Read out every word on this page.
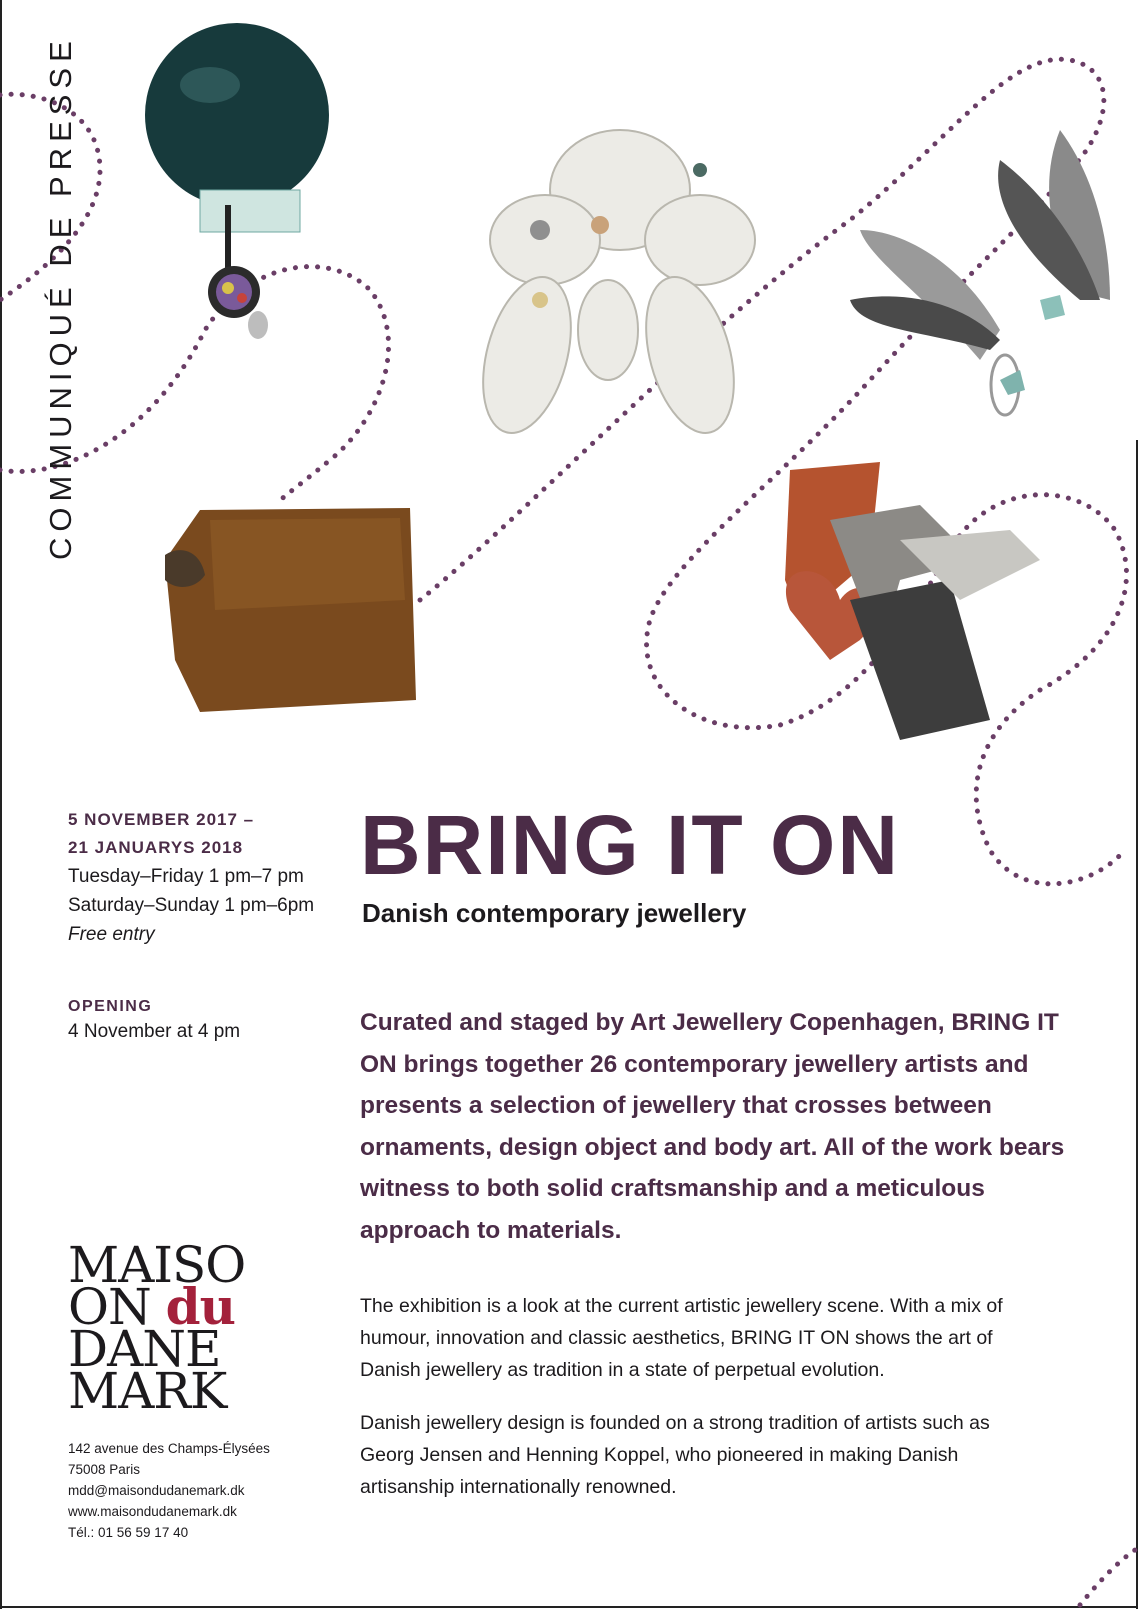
COMMUNIQUÉ DE PRESSE
5 NOVEMBER 2017 –
21 JANUARYS 2018
Tuesday–Friday 1 pm–7 pm
Saturday–Sunday 1 pm–6pm
Free entry
OPENING
4 November at 4 pm
BRING IT ON
Danish contemporary jewellery
Curated and staged by Art Jewellery Copenhagen, BRING IT ON brings together 26 contemporary jewellery artists and presents a selection of jewellery that crosses between ornaments, design object and body art. All of the work bears witness to both solid craftsmanship and a meticulous approach to materials.
The exhibition is a look at the current artistic jewellery scene. With a mix of humour, innovation and classic aesthetics, BRING IT ON shows the art of Danish jewellery as tradition in a state of perpetual evolution.
Danish jewellery design is founded on a strong tradition of artists such as Georg Jensen and Henning Koppel, who pioneered in making Danish artisanship internationally renowned.
MAISO
ON du
DANE
MARK
142 avenue des Champs-Élysées
75008 Paris
mdd@maisondudanemark.dk
www.maisondudanemark.dk
Tél.: 01 56 59 17 40
